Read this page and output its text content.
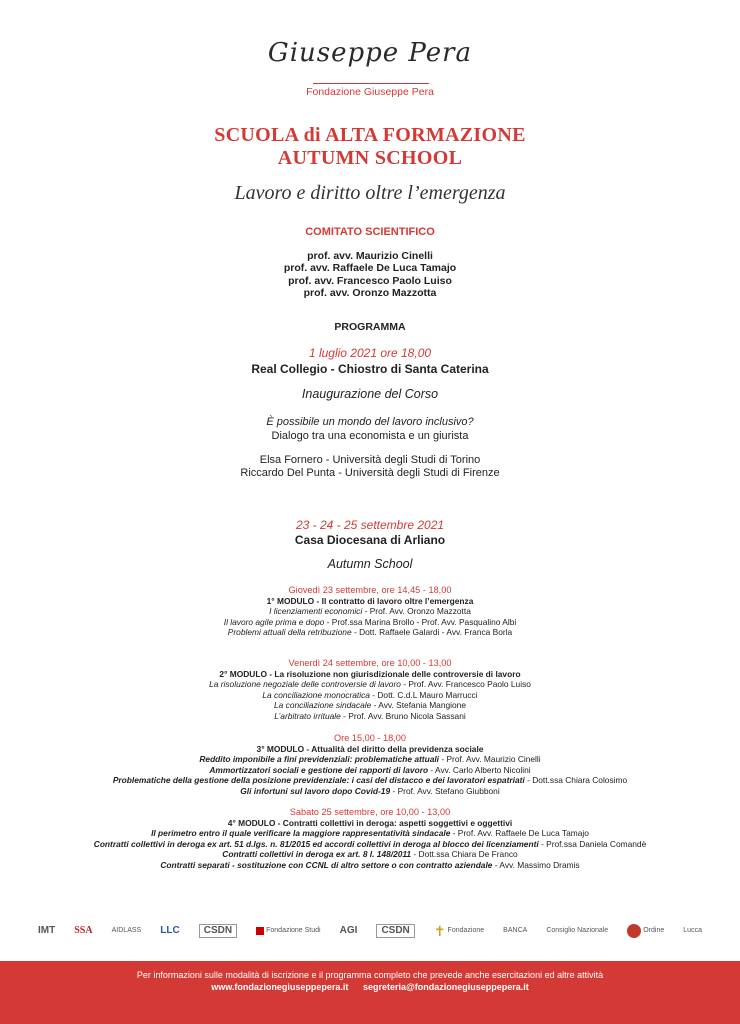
Giuseppe Pera
Fondazione Giuseppe Pera
SCUOLA di ALTA FORMAZIONE
AUTUMN SCHOOL
Lavoro e diritto oltre l’emergenza
COMITATO SCIENTIFICO
prof. avv. Maurizio Cinelli
prof. avv. Raffaele De Luca Tamajo
prof. avv. Francesco Paolo Luiso
prof. avv. Oronzo Mazzotta
PROGRAMMA
1 luglio 2021 ore 18,00
Real Collegio - Chiostro di Santa Caterina
Inaugurazione del Corso
È possibile un mondo del lavoro inclusivo?
Dialogo tra una economista e un giurista
Elsa Fornero - Università degli Studi di Torino
Riccardo Del Punta - Università degli Studi di Firenze
23 - 24 - 25 settembre 2021
Casa Diocesana di Arliano
Autumn School
Giovedì 23 settembre, ore 14,45 - 18,00
1° MODULO - Il contratto di lavoro oltre l’emergenza
I licenziamenti economici - Prof. Avv. Oronzo Mazzotta
Il lavoro agile prima e dopo - Prof.ssa Marina Brollo - Prof. Avv. Pasqualino Albi
Problemi attuali della retribuzione - Dott. Raffaele Galardi - Avv. Franca Borla
Venerdì 24 settembre, ore 10,00 - 13,00
2° MODULO - La risoluzione non giurisdizionale delle controversie di lavoro
La risoluzione negoziale delle controversie di lavoro - Prof. Avv. Francesco Paolo Luiso
La conciliazione monocratica - Dott. C.d.L Mauro Marrucci
La conciliazione sindacale - Avv. Stefania Mangione
L’arbitrato irrituale - Prof. Avv. Bruno Nicola Sassani
Ore 15,00 - 18,00
3° MODULO - Attualità del diritto della previdenza sociale
Reddito imponibile a fini previdenziali: problematiche attuali - Prof. Avv. Maurizio Cinelli
Ammortizzatori sociali e gestione dei rapporti di lavoro - Avv. Carlo Alberto Nicolini
Problematiche della gestione della posizione previdenziale: i casi del distacco e dei lavoratori espatriati - Dott.ssa Chiara Colosimo
Gli infortuni sul lavoro dopo Covid-19 - Prof. Avv. Stefano Giubboni
Sabato 25 settembre, ore 10,00 - 13,00
4° MODULO - Contratti collettivi in deroga: aspetti soggettivi e oggettivi
Il perimetro entro il quale verificare la maggiore rappresentatività sindacale - Prof. Avv. Raffaele De Luca Tamajo
Contratti collettivi in deroga ex art. 51 d.lgs. n. 81/2015 ed accordi collettivi in deroga al blocco dei licenziamenti - Prof.ssa Daniela Comandè
Contratti collettivi in deroga ex art. 8 l. 148/2011 - Dott.ssa Chiara De Franco
Contratti separati - sostituzione con CCNL di altro settore o con contratto aziendale - Avv. Massimo Dramis
IMT SSA	AIDLASS LLC CSDN	Fondazione Studi AGI CSDN ✝ Fondazione	BANCA	Consiglio Nazionale	Ordine	Lucca
Per informazioni sulle modalità di iscrizione e il programma completo che prevede anche esercitazioni ed altre attività
www.fondazionegiuseppepera.it segreteria@fondazionegiuseppepera.it
